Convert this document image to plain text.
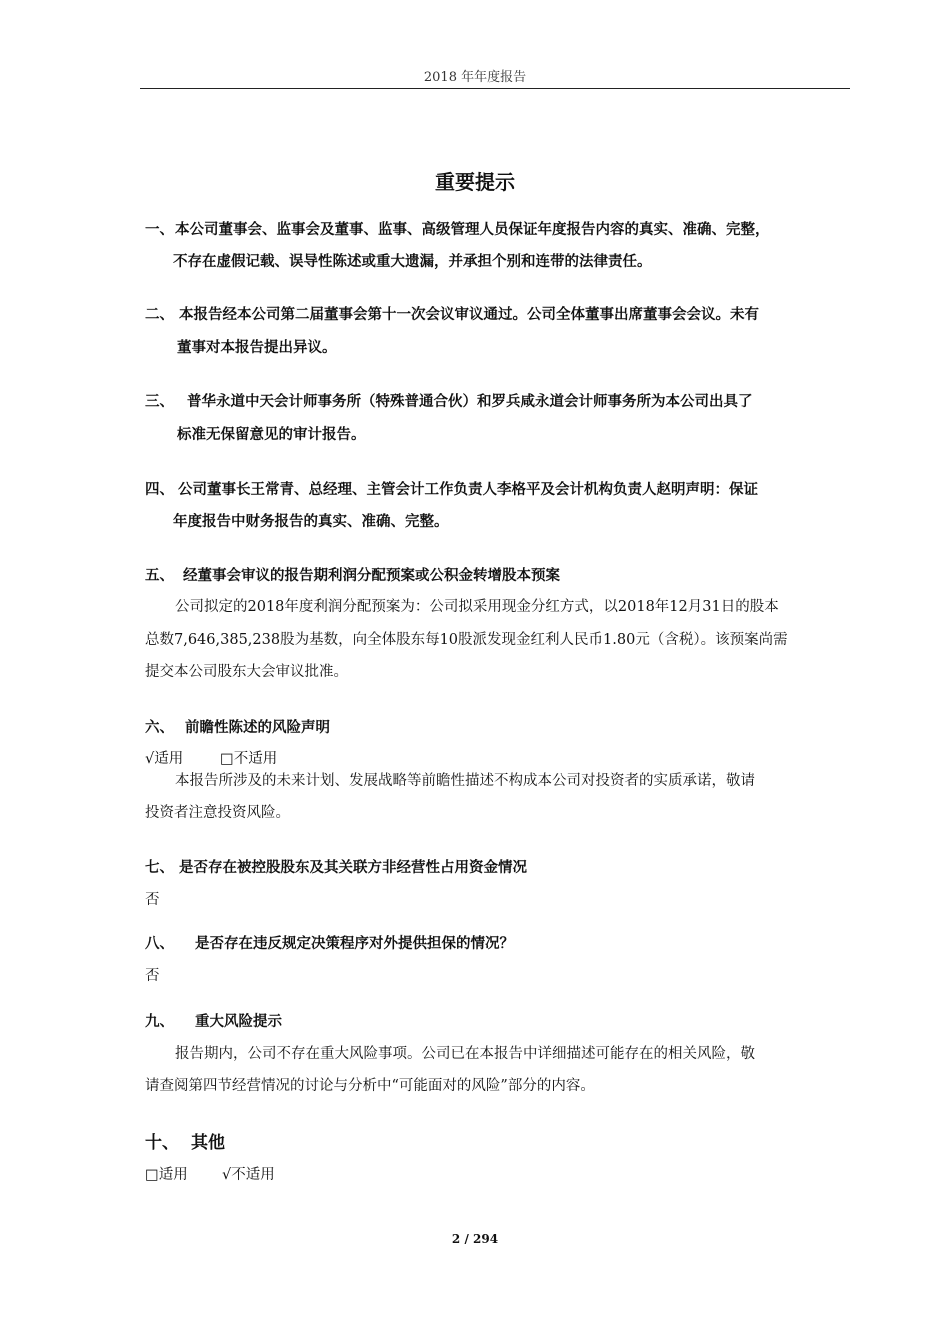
2018 年年度报告
重要提示
一、 本公司董事会、监事会及董事、监事、高级管理人员保证年度报告内容的真实、准确、完整，
不存在虚假记载、误导性陈述或重大遗漏，并承担个别和连带的法律责任。
二、 本报告经本公司第二届董事会第十一次会议审议通过。公司全体董事出席董事会会议。未有
董事对本报告提出异议。
三、 普华永道中天会计师事务所（特殊普通合伙）和罗兵咸永道会计师事务所为本公司出具了
标准无保留意见的审计报告。
四、 公司董事长王常青、总经理、主管会计工作负责人李格平及会计机构负责人赵明声明：保证
年度报告中财务报告的真实、准确、完整。
五、 经董事会审议的报告期利润分配预案或公积金转增股本预案
公司拟定的2018年度利润分配预案为：公司拟采用现金分红方式，以2018年12月31日的股本
总数7,646,385,238股为基数，向全体股东每10股派发现金红利人民币1.80元（含税）。该预案尚需
提交本公司股东大会审议批准。
六、 前瞻性陈述的风险声明
√适用	□不适用
本报告所涉及的未来计划、发展战略等前瞻性描述不构成本公司对投资者的实质承诺，敬请
投资者注意投资风险。
七、 是否存在被控股股东及其关联方非经营性占用资金情况
否
八、 是否存在违反规定决策程序对外提供担保的情况？
否
九、 重大风险提示
报告期内，公司不存在重大风险事项。公司已在本报告中详细描述可能存在的相关风险，敬
请查阅第四节经营情况的讨论与分析中“可能面对的风险”部分的内容。
十、 其他
□适用 √不适用
2 / 294
